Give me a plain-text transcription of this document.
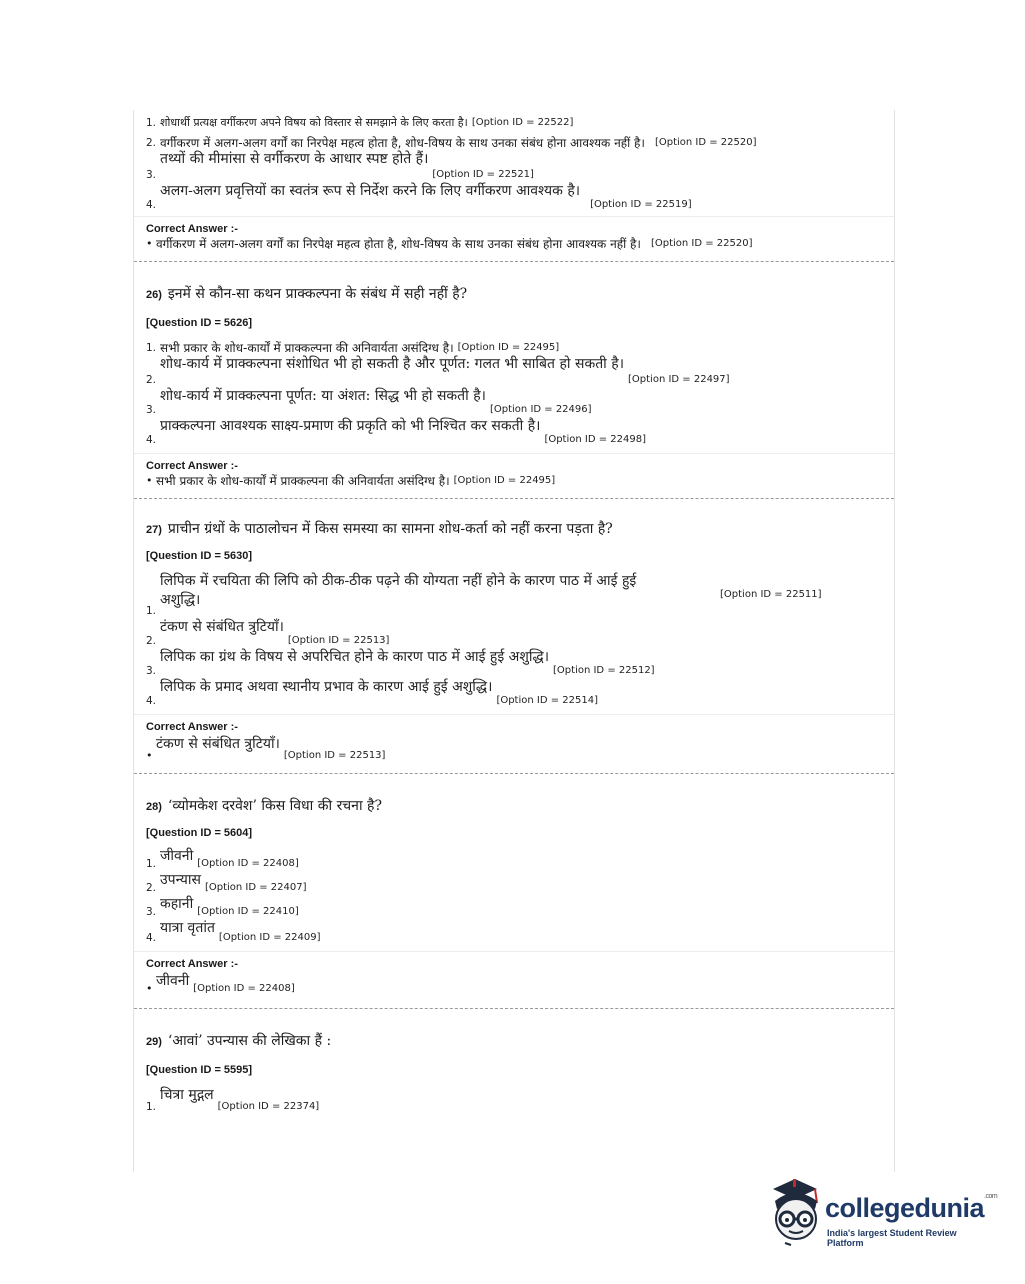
1. शोधार्थी प्रत्यक्ष वर्गीकरण अपने विषय को विस्तार से समझाने के लिए करता है। [Option ID = 22522]
2. वर्गीकरण में अलग-अलग वर्गों का निरपेक्ष महत्व होता है, शोध-विषय के साथ उनका संबंध होना आवश्यक नहीं है। [Option ID = 22520]
3.
तथ्यों की मीमांसा से वर्गीकरण के आधार स्पष्ट होते हैं।
[Option ID = 22521]
4.
अलग-अलग प्रवृत्तियों का स्वतंत्र रूप से निर्देश करने कि लिए वर्गीकरण आवश्यक है।
[Option ID = 22519]
Correct Answer :-
• वर्गीकरण में अलग-अलग वर्गों का निरपेक्ष महत्व होता है, शोध-विषय के साथ उनका संबंध होना आवश्यक नहीं है। [Option ID = 22520]
26) इनमें से कौन-सा कथन प्राक्कल्पना के संबंध में सही नहीं है?
[Question ID = 5626]
1. सभी प्रकार के शोध-कार्यों में प्राक्कल्पना की अनिवार्यता असंदिग्ध है। [Option ID = 22495]
2.
शोध-कार्य में प्राक्कल्पना संशोधित भी हो सकती है और पूर्णत: गलत भी साबित हो सकती है।
[Option ID = 22497]
3.
शोध-कार्य में प्राक्कल्पना पूर्णत: या अंशत: सिद्ध भी हो सकती है।
[Option ID = 22496]
4.
प्राक्कल्पना आवश्यक साक्ष्य-प्रमाण की प्रकृति को भी निश्चित कर सकती है।
[Option ID = 22498]
Correct Answer :-
• सभी प्रकार के शोध-कार्यों में प्राक्कल्पना की अनिवार्यता असंदिग्ध है। [Option ID = 22495]
27) प्राचीन ग्रंथों के पाठालोचन में किस समस्या का सामना शोध-कर्ता को नहीं करना पड़ता है?
[Question ID = 5630]
1.
लिपिक में रचयिता की लिपि को ठीक-ठीक पढ़ने की योग्यता नहीं होने के कारण पाठ में आई हुई
अशुद्धि।	[Option ID = 22511]
2.
टंकण से संबंधित त्रुटियाँ।
[Option ID = 22513]
3.
लिपिक का ग्रंथ के विषय से अपरिचित होने के कारण पाठ में आई हुई अशुद्धि।
[Option ID = 22512]
4.
लिपिक के प्रमाद अथवा स्थानीय प्रभाव के कारण आई हुई अशुद्धि।
[Option ID = 22514]
Correct Answer :-
•
टंकण से संबंधित त्रुटियाँ।
[Option ID = 22513]
28) ‘व्योमकेश दरवेश’ किस विधा की रचना है?
[Question ID = 5604]
1. जीवनी [Option ID = 22408]
2. उपन्यास [Option ID = 22407]
3. कहानी [Option ID = 22410]
4.
यात्रा वृतांत
[Option ID = 22409]
Correct Answer :-
• जीवनी [Option ID = 22408]
29) ‘आवां’ उपन्यास की लेखिका हैं :
[Question ID = 5595]
1.
चित्रा मुद्गल
[Option ID = 22374]
collegedunia$^{.com}$
India's largest Student Review Platform
